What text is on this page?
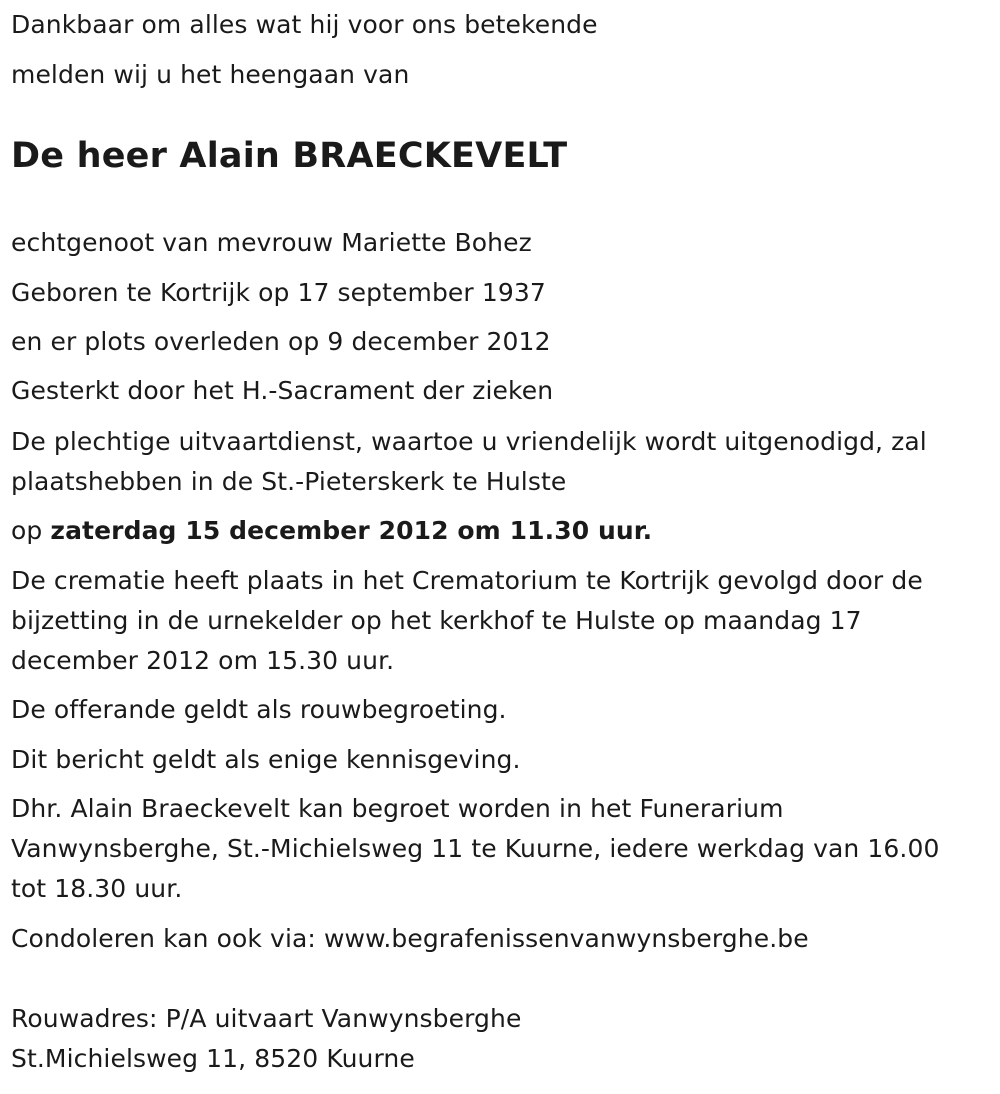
Dankbaar om alles wat hij voor ons betekende
melden wij u het heengaan van
De heer Alain BRAECKEVELT
echtgenoot van mevrouw Mariette Bohez
Geboren te Kortrijk op 17 september 1937
en er plots overleden op 9 december 2012
Gesterkt door het H.-Sacrament der zieken
De plechtige uitvaartdienst, waartoe u vriendelijk wordt uitgenodigd, zal
plaatshebben in de St.-Pieterskerk te Hulste
op zaterdag 15 december 2012 om 11.30 uur.
De crematie heeft plaats in het Crematorium te Kortrijk gevolgd door de
bijzetting in de urnekelder op het kerkhof te Hulste op maandag 17
december 2012 om 15.30 uur.
De offerande geldt als rouwbegroeting.
Dit bericht geldt als enige kennisgeving.
Dhr. Alain Braeckevelt kan begroet worden in het Funerarium
Vanwynsberghe, St.-Michielsweg 11 te Kuurne, iedere werkdag van 16.00
tot 18.30 uur.
Condoleren kan ook via: www.begrafenissenvanwynsberghe.be
Rouwadres: P/A uitvaart Vanwynsberghe
St.Michielsweg 11, 8520 Kuurne
